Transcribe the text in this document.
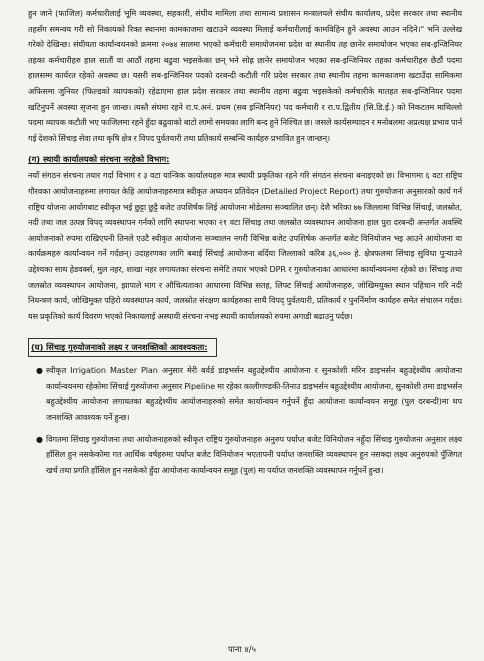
हुन जाने (फाजिल) कर्मचारीलाई भूमि व्यवस्था, सहकारी, संघीय मामिला तथा सामान्य प्रशासन मन्त्रालयले संघीय कार्यालय, प्रदेश सरकार तथा स्थानीय तहसँग समन्वय गरी सो निकायको रिक्त स्थानमा कामकाजमा खटाउने व्यवस्था मिलाई कर्मचारीलाई कामविहिन हुने अवस्था आउन नदिने।" भनि उल्लेख गरेको देखिन्छ। संघीयता कार्यान्वयनको क्रममा २०७४ सालमा भएको कर्मचारी समायोजनमा प्रदेश वा स्थानीय तह छानेर समायोजन भएका सब-इन्जिनियर तहका कर्मचारीहरु हाल सातौं वा आठौं तहमा बढुवा भइसकेका छन् भने सोह्र छानेर समायोजन भएका सब-इन्जिनियर तहका कर्मचारीहरु छैठौं पदमा हालसम्म कार्यरत रहेको अवस्था छ। यसरी सब-इन्जिनियर पदको दरबन्दी कटौती गरि प्रदेश सरकार तथा स्थानीय तहमा कामकाजमा खटाउँदा सामिकमा अफिसमा जुनियर (फिल्डको व्यापकको) रहेढाएमा हाल प्रदेश सरकार तथा स्थानीय तहमा बढुवा भइसकेको कर्मचारीके मातहत सब-इन्जिनियर पदमा खटिनुपर्ने अवस्था सृजना हुन जान्छ। त्यस्तै संघमा रहने रा.प.अनं. प्रथम (सब इन्जिनियर) पद कर्मचारी र रा.प.द्वितीय (सि.डि.ई.) को निकटतम माथिल्लो पदमा व्यापक कटौती भए फाजिलमा रहने हुँदा बढुवाको बाटो लामो समयका लागि बन्द हुने निश्चित छ। जसले कार्यसम्पादन र मनोबलमा अप्रत्यक्ष प्रभाव पार्न गई देशको सिंचाइ सेवा तथा कृषि क्षेत्र र विपद पुर्वतयारी तथा प्रतिकार्य सम्बन्धि कार्यहरु प्रभावित हुन जान्छन्।

(ग) स्थायी कार्यालयको संरचना नरहेको विभाग:

नयाँ संगठन संरचना तयार गर्दा विभाग र ३ वटा यान्त्रिक कार्यालयहरु मात्र स्थायी प्रकृतिका रहने गरि संगठन संरचना बनाइएको छ। विभागमा ६ वटा राष्ट्रिय गौरवका आयोजनाहरुमा लगायत केहि आयोजनाहरुमात्र स्वीकृत अध्ययन प्रतिवेदन (Detailed Project Report) तथा गुरुयोजना अनुसारको कार्य गर्न राष्ट्रिय योजना आयोगबाट स्वीकृत भई छुट्टा छुट्टै बजेट उपशिर्षक लिई आयोजना मोडेलमा सञ्चालित छन्। देशै भरिका ७७ जिल्लामा विभिन्न सिंचाई, जलस्रोत, नदी तथा जल उत्पन्न विपद् व्यवस्थापन गर्नको लागि स्थापना भएका २१ वटा सिंचाइ तथा जलस्रोत व्यवस्थापन आयोजना हाल पुरा दरबन्दी अन्तर्गत अवस्थि आयोजनाको रुपमा राखिएपनी तिनले एउटै स्वीकृत आयोजना सञ्चालन नगरी विभिन्न बजेट उपशिर्षक अन्तर्गत बजेट विनियोजन भइ आउने आयोजना वा कार्यक्रमहरु कार्यान्वयन गर्ने गर्दछन्। उदाहरणका लागि बबाई सिंचाई आयोजना बर्दिया जिल्लाको करिब ३६,००० हे. क्षेत्रफलमा सिंचाइ सुविधा पुर्‍याउने उद्देश्यका साथ हेडवर्क्स, मुल नहर, शाखा नहर लगायतका संरचना समेटि तयार भएको DPR र गुरुयोजनाका आधारमा कार्यान्वयनमा रहेको छ। सिंचाइ तथा जलस्रोत व्यवस्थापन आयोजना, झापाले माग र औचित्यताका आधारमा विभिन्न सतह, लिफ्ट सिंचाई आयोजनाहरु, जोखिमयुक्त स्थान पहिचान गरि नदी नियन्त्रण कार्य, जोखिमुक्त पहिरो व्यवस्थापन कार्य, जलस्रोत संरक्षण कार्यहरुका साथै विपद् पुर्वतयारी, प्रतिकार्य र पुनर्निर्माण कार्यहरु समेत संचालन गर्दछ। यस प्रकृतिको कार्य विवरण भएको निकायलाई अस्थायी संरचना नभइ स्थायी कार्यालयको रुपमा अगाडी बढाउनु पर्दछ।

(घ) सिंचाइ गुरुयोजनाको लक्ष्य र जनशक्तिको आवश्यकता:
● स्वीकृत Irrigation Master Plan अनुसार मेरी बर्वर्ड डाइभर्सन बहुउद्देश्यीय आयोजना र सुनकोशी मरिन डाइभर्सन बहुउद्देश्यीय आयोजना कार्यान्वयनमा रहेकोमा सिंचाई गुरुयोजना अनुसार Pipeline मा रहेका कालीगण्डकी-तिनाउ डाइभर्सन बहुउद्देश्यीय आयोजना, सुनकोशी तमा डाइभर्सन बहुउद्देश्यीय आयोजना लगायतका बहुउद्देश्यीय आयोजनाहरुको समेत कार्यान्वयन गर्नुपर्ने हुँदा आयोजना कार्यान्वयन समूह (पुल दरबन्दी)मा थप जनशक्ति आवश्यक पर्ने हुन्छ।
● विगतमा सिंचाइ गुरुयोजना तथा आयोजनाहरुको स्वीकृत राष्ट्रिय गुरुयोजनाहरु अनुरुप पर्याप्त बजेट विनियोजन नहुँदा सिंचाइ गुरुयोजना अनुसार लक्ष्य हाँसिल हुन नसकेकोमा गत आर्थिक वर्षहरुमा पर्याप्त बजेट विनियोजन भएतापनी पर्याप्त जनशक्ति व्यवस्थापन हुन नसक्दा लक्ष्य अनुरुपको पुँजिगत खर्च तथा प्रगति हाँसिल हुन नसकेको हुँदा आयोजना कार्यान्वयन समूह (पुल) मा पर्याप्त जनशक्ति व्यवस्थापन गर्नुपर्ने हुन्छ।
पाना ४/५
